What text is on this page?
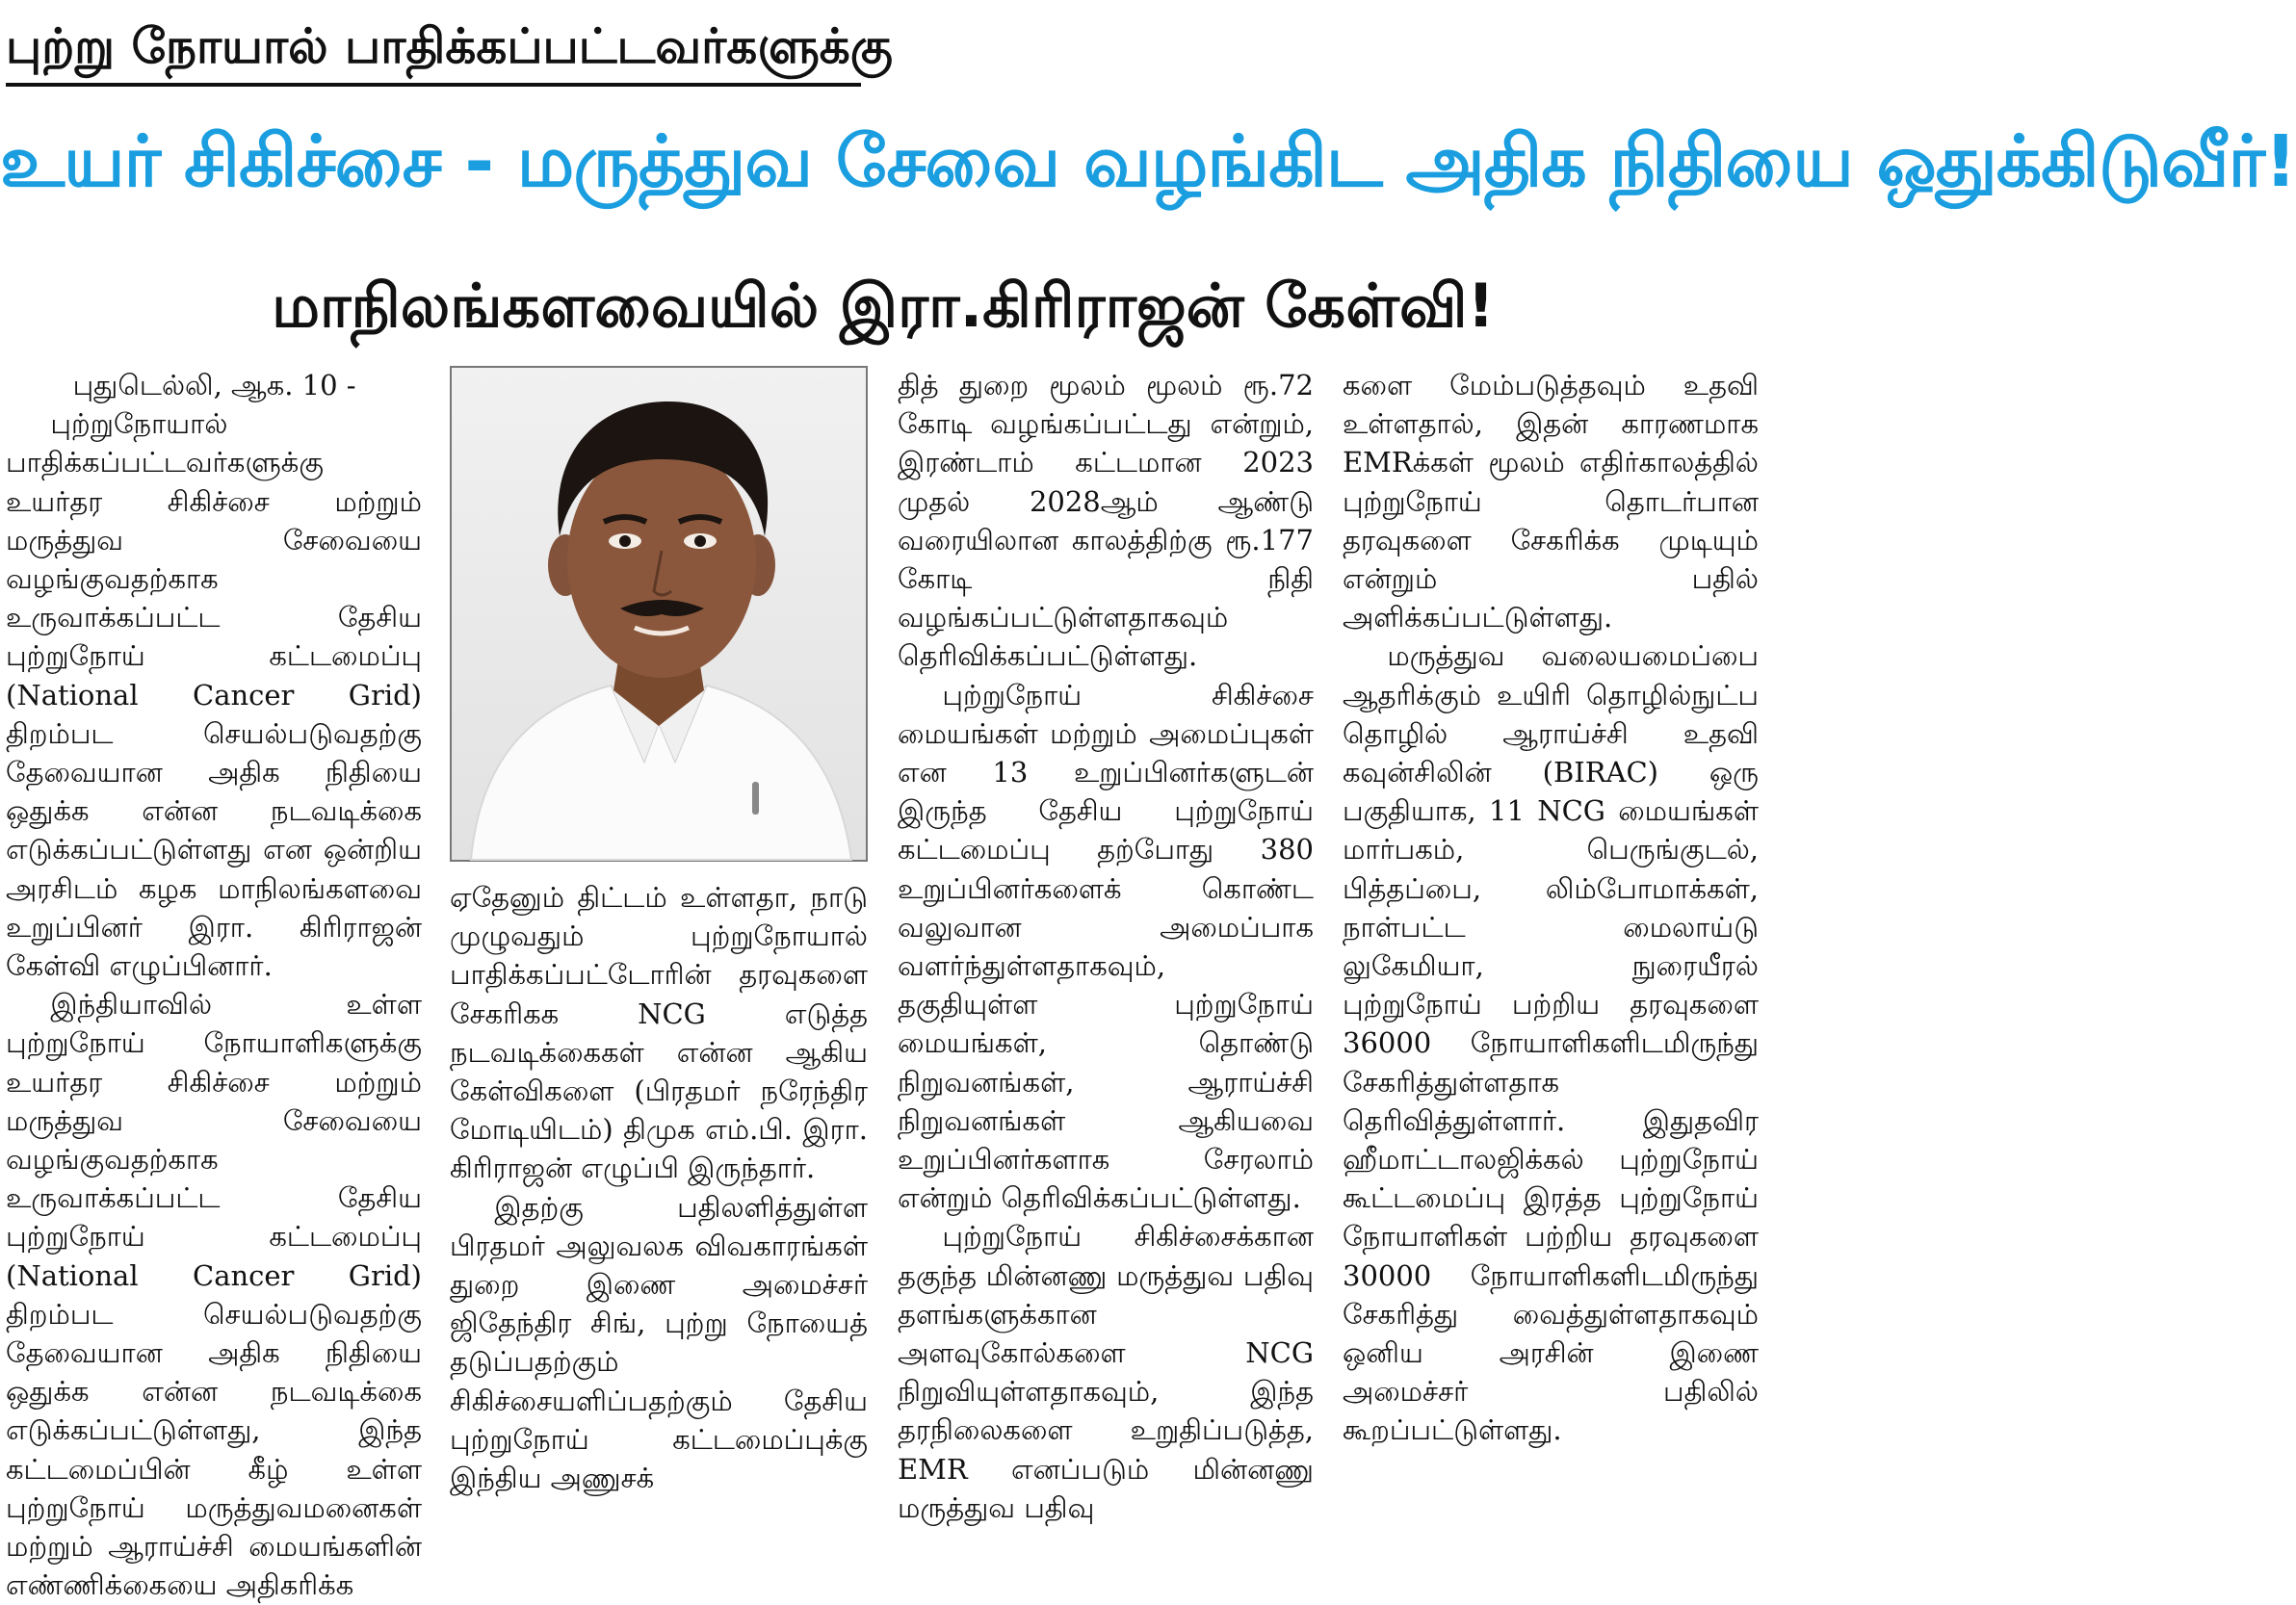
புற்று நோயால் பாதிக்கப்பட்டவர்களுக்கு
உயர் சிகிச்சை - மருத்துவ சேவை வழங்கிட அதிக நிதியை ஒதுக்கிடுவீர்!
மாநிலங்களவையில் இரா.கிரிராஜன் கேள்வி!

புதுடெல்லி, ஆக. 10 -

புற்றுநோயால் பாதிக்கப்பட்டவர்களுக்கு உயர்தர சிகிச்சை மற்றும் மருத்துவ சேவையை வழங்குவதற்காக உருவாக்கப்பட்ட தேசிய புற்றுநோய் கட்டமைப்பு (National Cancer Grid) திறம்பட செயல்படுவதற்கு தேவையான அதிக நிதியை ஒதுக்க என்ன நடவடிக்கை எடுக்கப்பட்டுள்ளது என ஒன்றிய அரசிடம் கழக மாநிலங்களவை உறுப்பினர் இரா. கிரிராஜன் கேள்வி எழுப்பினார்.

இந்தியாவில் உள்ள புற்றுநோய் நோயாளிகளுக்கு உயர்தர சிகிச்சை மற்றும் மருத்துவ சேவையை வழங்குவதற்காக உருவாக்கப்பட்ட தேசிய புற்றுநோய் கட்டமைப்பு (National Cancer Grid) திறம்பட செயல்படுவதற்கு தேவையான அதிக நிதியை ஒதுக்க என்ன நடவடிக்கை எடுக்கப்பட்டுள்ளது, இந்த கட்டமைப்பின் கீழ் உள்ள புற்றுநோய் மருத்துவமனைகள் மற்றும் ஆராய்ச்சி மையங்களின் எண்ணிக்கையை அதிகரிக்க

ஏதேனும் திட்டம் உள்ளதா, நாடு முழுவதும் புற்றுநோயால் பாதிக்கப்பட்டோரின் தரவுகளை சேகரிகக NCG எடுத்த நடவடிக்கைகள் என்ன ஆகிய கேள்விகளை (பிரதமர் நரேந்திர மோடியிடம்) திமுக எம்.பி. இரா. கிரிராஜன் எழுப்பி இருந்தார்.

இதற்கு பதிலளித்துள்ள பிரதமர் அலுவலக விவகாரங்கள் துறை இணை அமைச்சர் ஜிதேந்திர சிங், புற்று நோயைத் தடுப்பதற்கும் சிகிச்சையளிப்பதற்கும் தேசிய புற்றுநோய் கட்டமைப்புக்கு இந்திய அணுசக்

தித் துறை மூலம் மூலம் ரூ.72 கோடி வழங்கப்பட்டது என்றும், இரண்டாம் கட்டமான 2023 முதல் 2028ஆம் ஆண்டு வரையிலான காலத்திற்கு ரூ.177 கோடி நிதி வழங்கப்பட்டுள்ளதாகவும் தெரிவிக்கப்பட்டுள்ளது.

புற்றுநோய் சிகிச்சை மையங்கள் மற்றும் அமைப்புகள் என 13 உறுப்பினர்களுடன் இருந்த தேசிய புற்றுநோய் கட்டமைப்பு தற்போது 380 உறுப்பினர்களைக் கொண்ட வலுவான அமைப்பாக வளர்ந்துள்ளதாகவும், தகுதியுள்ள புற்றுநோய் மையங்கள், தொண்டு நிறுவனங்கள், ஆராய்ச்சி நிறுவனங்கள் ஆகியவை உறுப்பினர்களாக சேரலாம் என்றும் தெரிவிக்கப்பட்டுள்ளது.

புற்றுநோய் சிகிச்சைக்கான தகுந்த மின்னணு மருத்துவ பதிவு தளங்களுக்கான அளவுகோல்களை NCG நிறுவியுள்ளதாகவும், இந்த தரநிலைகளை உறுதிப்படுத்த, EMR எனப்படும் மின்னணு மருத்துவ பதிவு

களை மேம்படுத்தவும் உதவி உள்ளதால், இதன் காரணமாக EMRக்கள் மூலம் எதிர்காலத்தில் புற்றுநோய் தொடர்பான தரவுகளை சேகரிக்க முடியும் என்றும் பதில் அளிக்கப்பட்டுள்ளது.

மருத்துவ வலையமைப்பை ஆதரிக்கும் உயிரி தொழில்நுட்ப தொழில் ஆராய்ச்சி உதவி கவுன்சிலின் (BIRAC) ஒரு பகுதியாக, 11 NCG மையங்கள் மார்பகம், பெருங்குடல், பித்தப்பை, லிம்போமாக்கள், நாள்பட்ட மைலாய்டு லுகேமியா, நுரையீரல் புற்றுநோய் பற்றிய தரவுகளை 36000 நோயாளிகளிடமிருந்து சேகரித்துள்ளதாக தெரிவித்துள்ளார். இதுதவிர ஹீமாட்டாலஜிக்கல் புற்றுநோய் கூட்டமைப்பு இரத்த புற்றுநோய் நோயாளிகள் பற்றிய தரவுகளை 30000 நோயாளிகளிடமிருந்து சேகரித்து வைத்துள்ளதாகவும் ஒனிய அரசின் இணை அமைச்சர் பதிலில் கூறப்பட்டுள்ளது.
